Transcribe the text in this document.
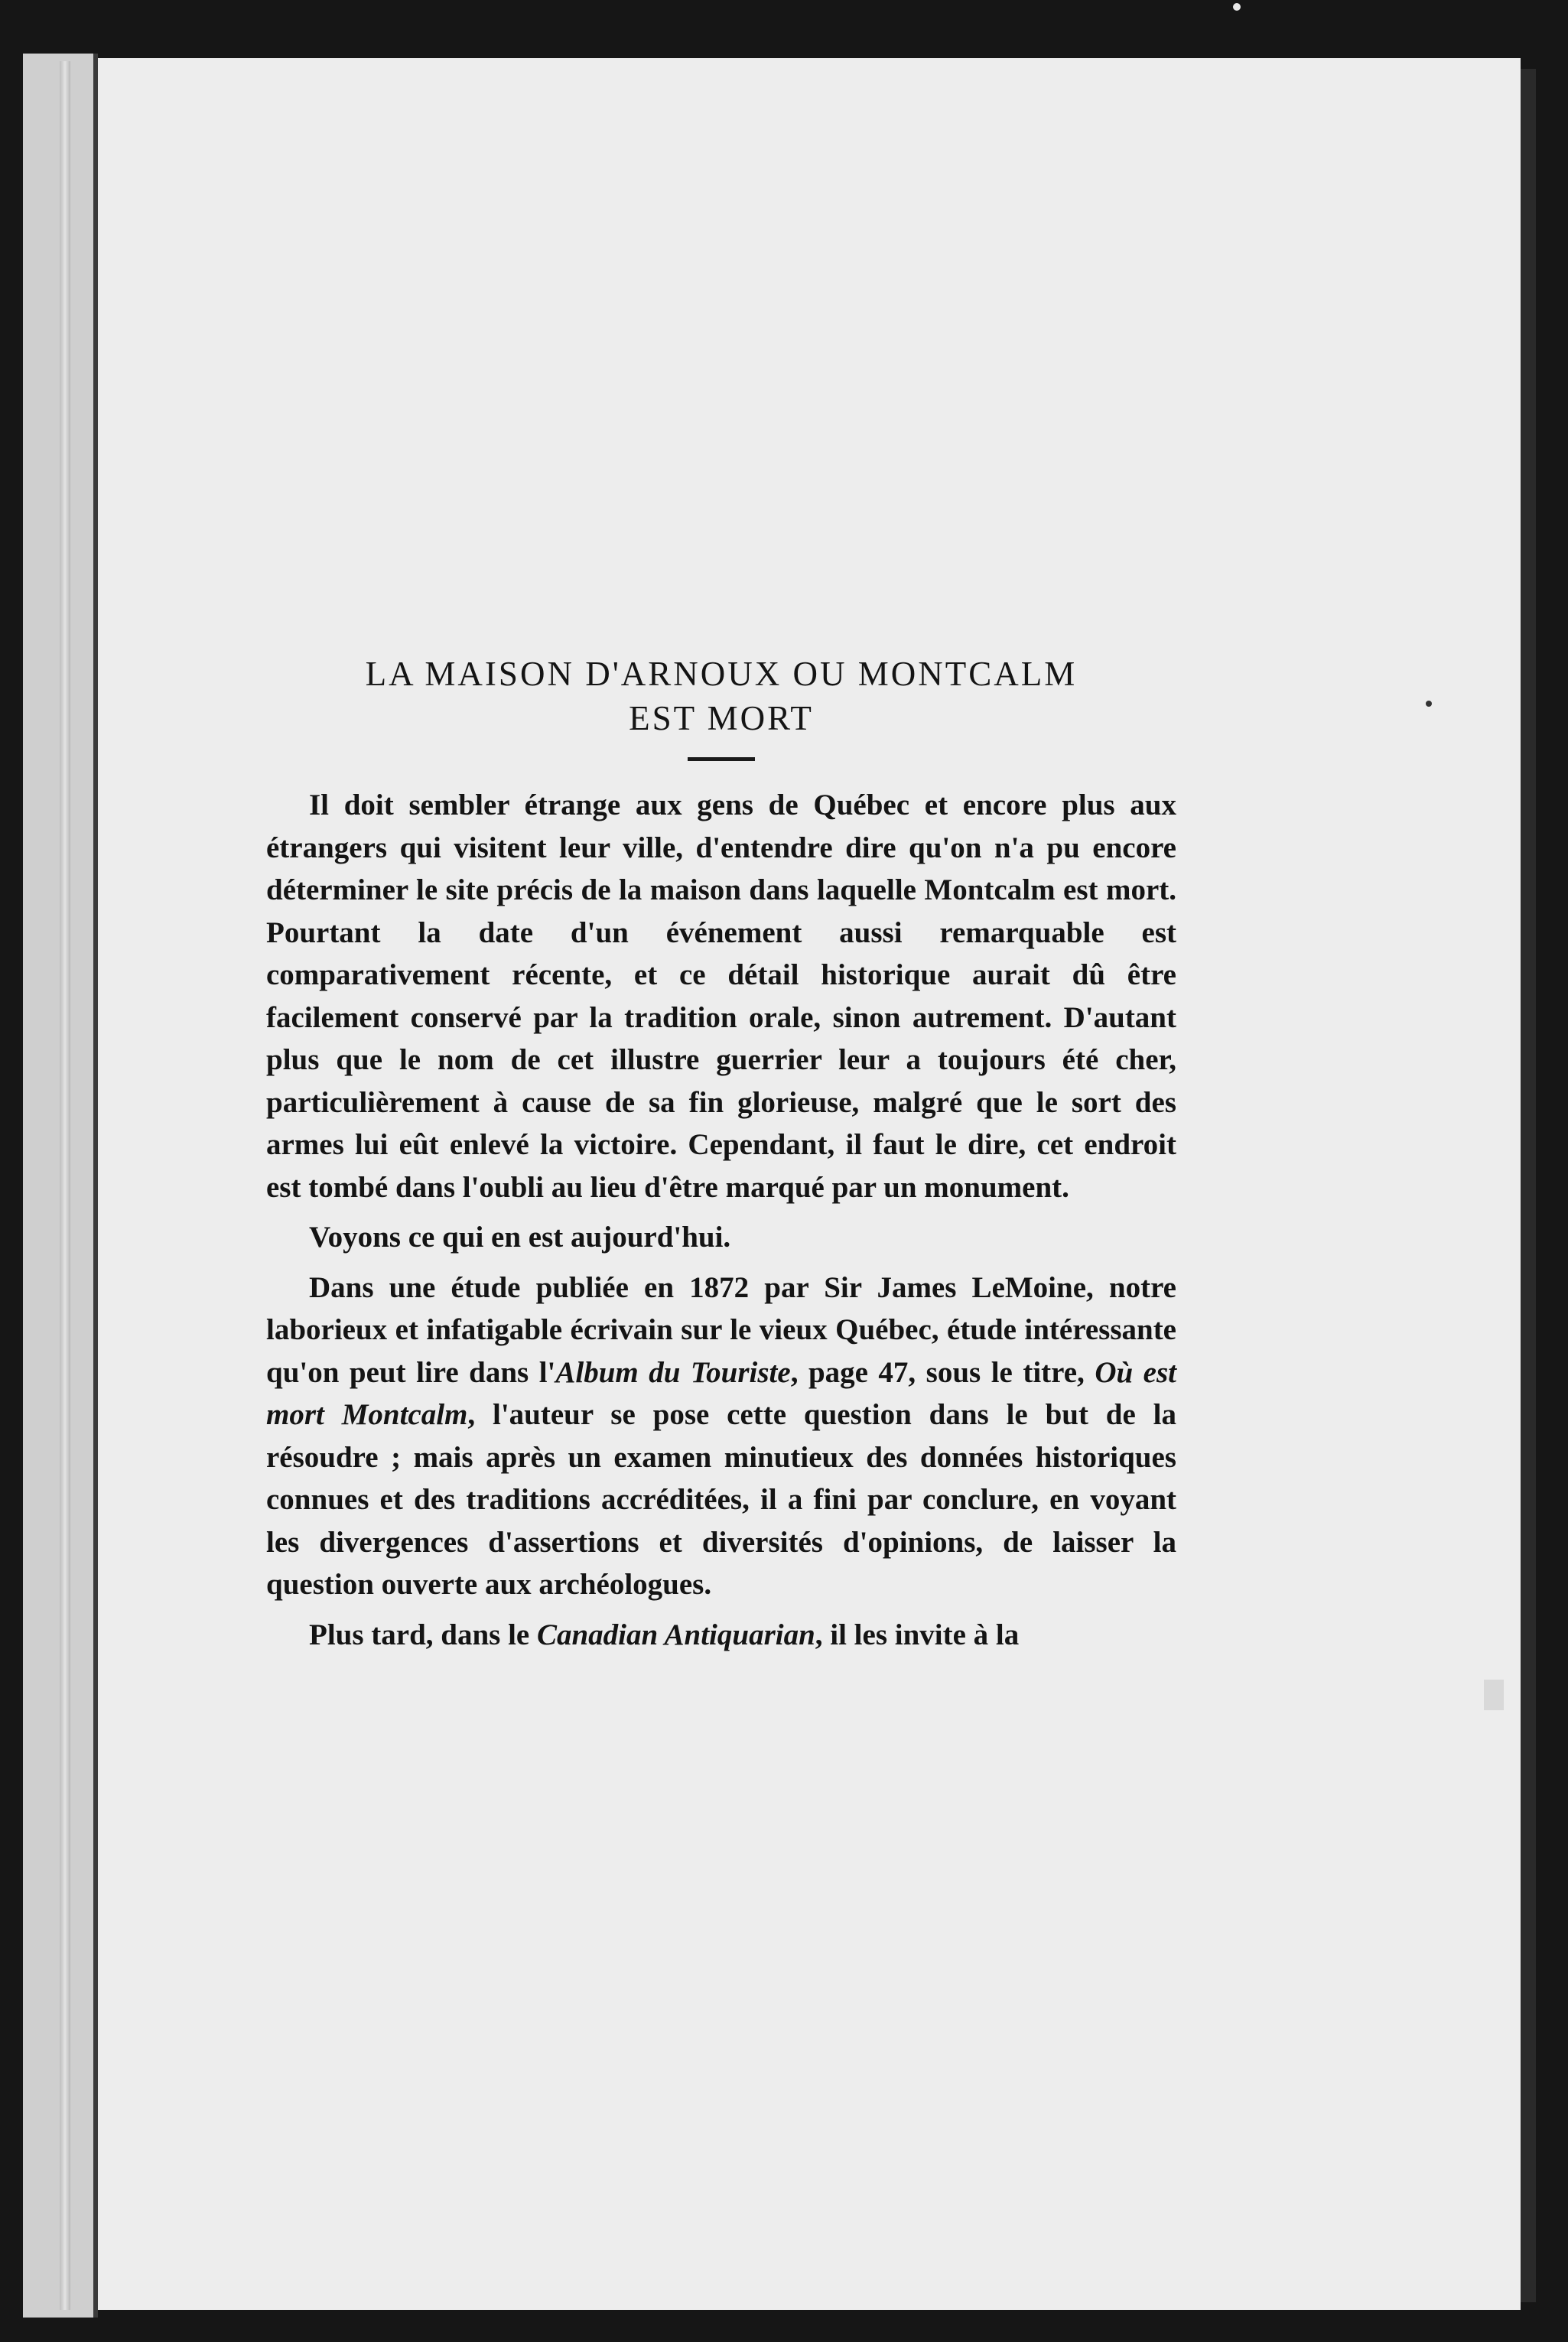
LA MAISON D'ARNOUX OU MONTCALM
EST MORT

Il doit sembler étrange aux gens de Québec et encore plus aux étrangers qui visitent leur ville, d'entendre dire qu'on n'a pu encore déterminer le site précis de la maison dans laquelle Montcalm est mort. Pourtant la date d'un événement aussi remarquable est comparativement récente, et ce détail historique aurait dû être facilement conservé par la tradition orale, sinon autrement. D'autant plus que le nom de cet illustre guerrier leur a toujours été cher, particulièrement à cause de sa fin glorieuse, malgré que le sort des armes lui eût enlevé la victoire. Cependant, il faut le dire, cet endroit est tombé dans l'oubli au lieu d'être marqué par un monument.

Voyons ce qui en est aujourd'hui.

Dans une étude publiée en 1872 par Sir James LeMoine, notre laborieux et infatigable écrivain sur le vieux Québec, étude intéressante qu'on peut lire dans l'Album du Touriste, page 47, sous le titre, Où est mort Montcalm, l'auteur se pose cette question dans le but de la résoudre ; mais après un examen minutieux des données historiques connues et des traditions accréditées, il a fini par conclure, en voyant les divergences d'assertions et diversités d'opinions, de laisser la question ouverte aux archéologues.

Plus tard, dans le Canadian Antiquarian, il les invite à la
